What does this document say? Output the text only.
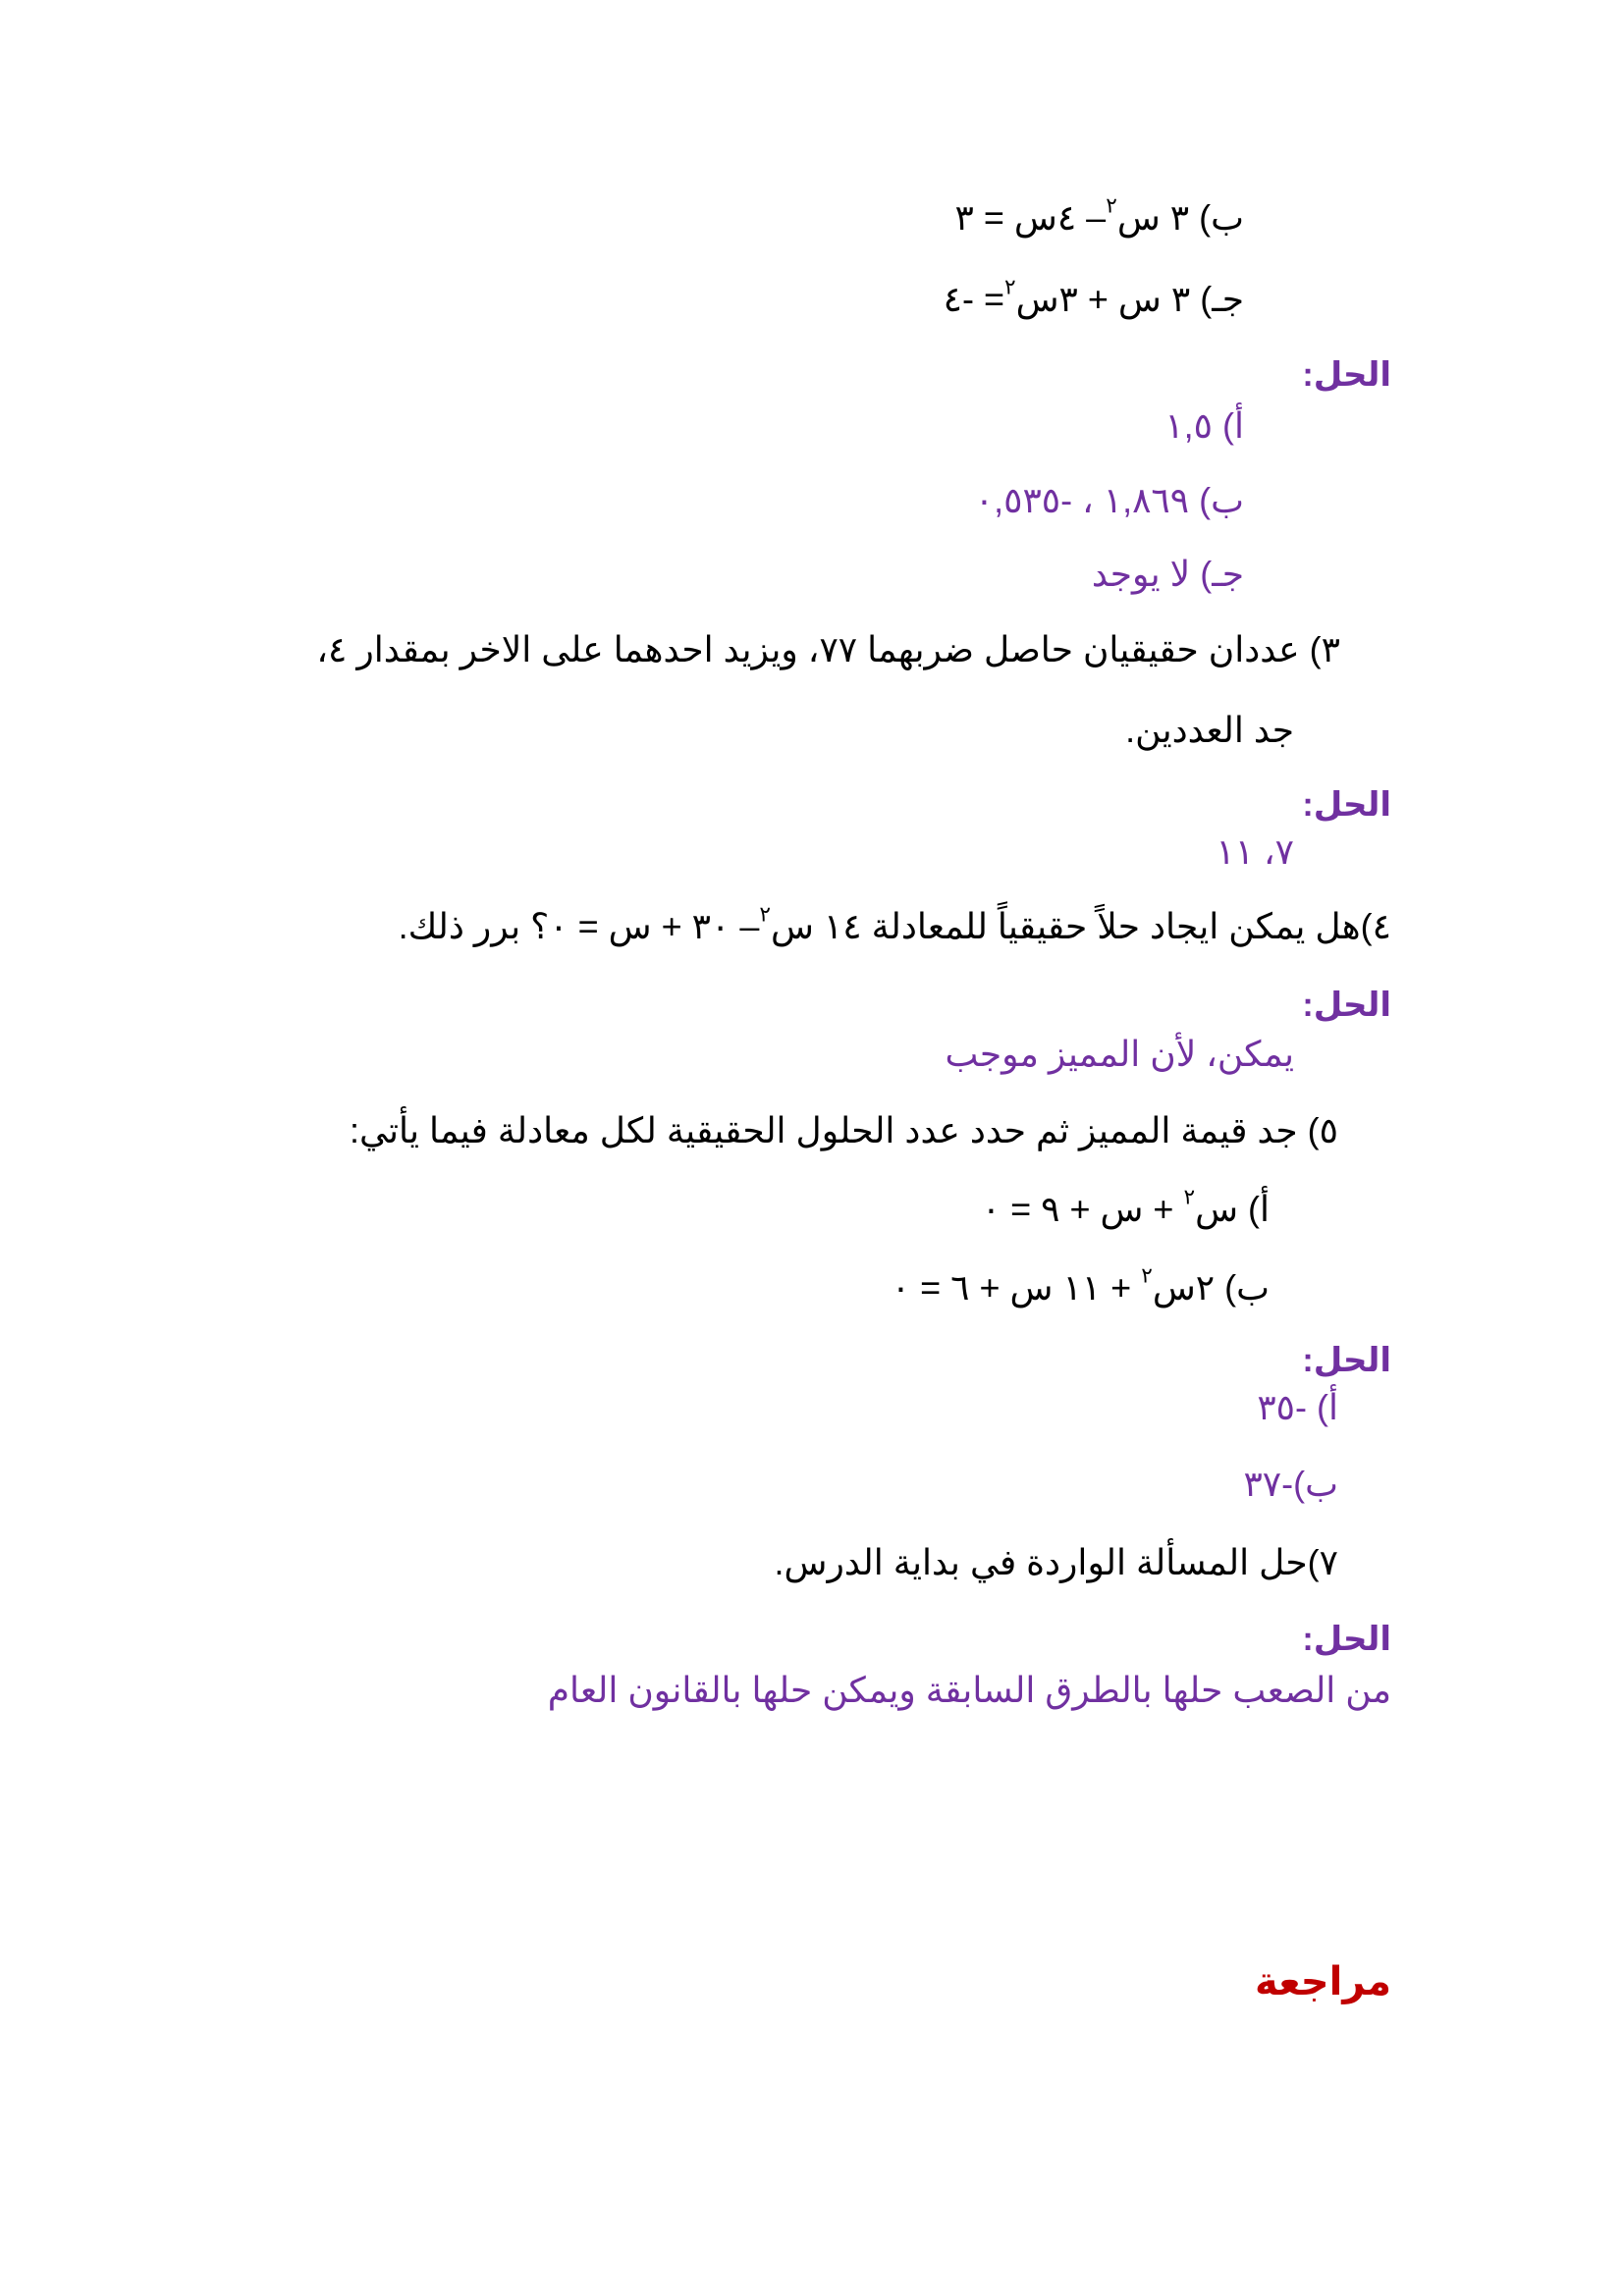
ب) ٣ س$^٢$– ٤س = ٣
جـ) ٣ س + ٣س$^٢$= -٤
الحل:
أ) ١,٥
ب) ١,٨٦٩ ، -٠,٥٣٥
جـ) لا يوجد
٣) عددان حقيقيان حاصل ضربهما ٧٧، ويزيد احدهما على الاخر بمقدار ٤،
جد العددين.
الحل:
٧، ١١
٤)هل يمكن ايجاد حلاً حقيقياً للمعادلة ١٤ س$^٢$– ٣٠ + س = ٠؟ برر ذلك.
الحل:
يمكن، لأن المميز موجب
٥) جد قيمة المميز ثم حدد عدد الحلول الحقيقية لكل معادلة فيما يأتي:
أ) س$^٢$ + س + ٩ = ٠
ب) ٢س$^٢$ + ١١ س + ٦ = ٠
الحل:
أ) -٣٥
ب)-٣٧
٧)حل المسألة الواردة في بداية الدرس.
الحل:
من الصعب حلها بالطرق السابقة ويمكن حلها بالقانون العام
مراجعة
